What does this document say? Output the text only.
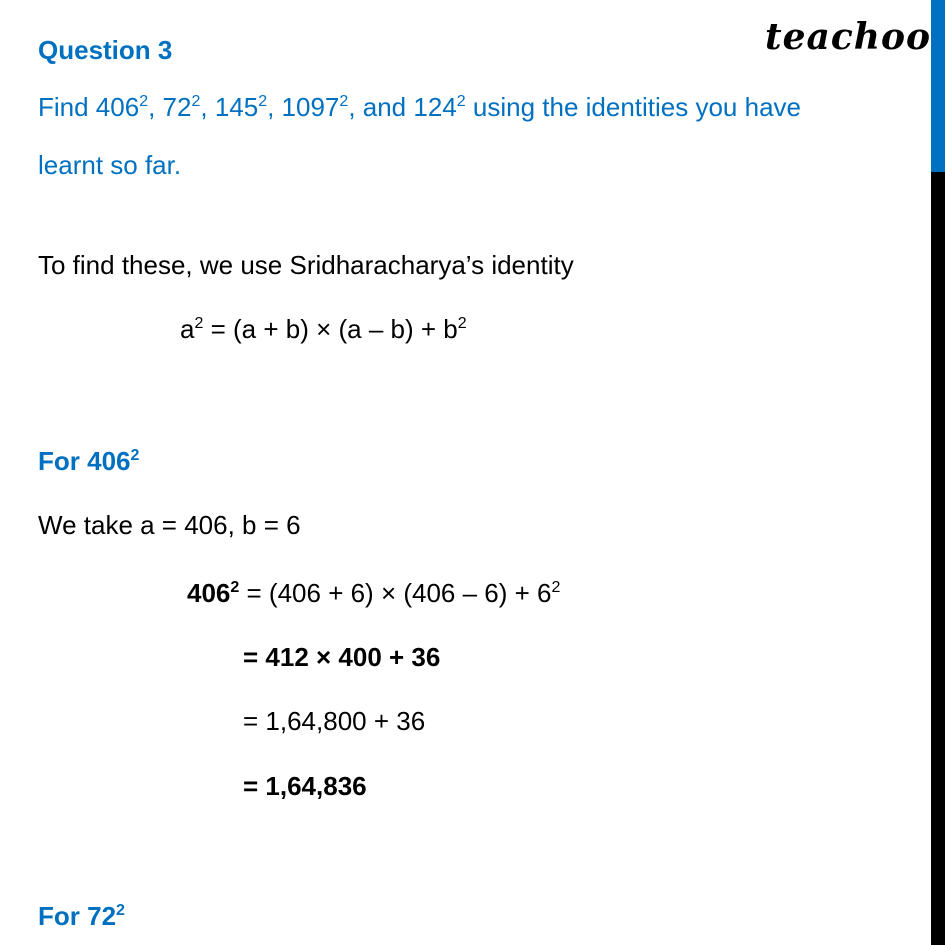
teachoo
Question 3
Find $406^2$, $72^2$, $145^2$, 1097$^2$, and $124^2$ using the identities you have
learnt so far.
To find these, we use Sridharacharya’s identity
$a^2 = (a + b) \times (a - b) + b^2$
For $406^2$
We take a = 406, b = 6
$406^2 = (406 + 6) \times (406 - 6) + 6^2$
= 412 × 400 + 36
= 1,64,800 + 36
= 1,64,836
For $72^2$
